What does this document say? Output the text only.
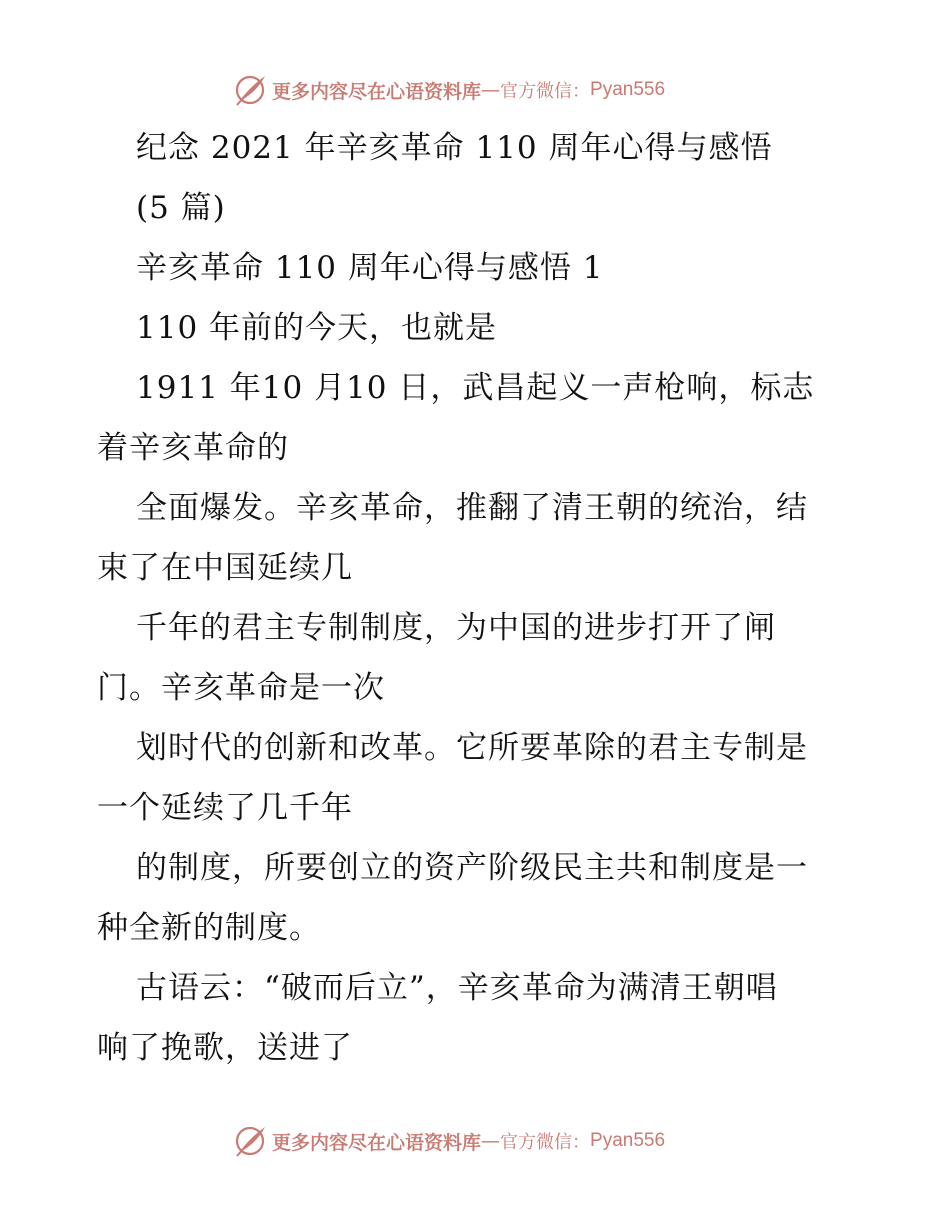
更多内容尽在心语资料库 — 官方微信： Pyan556

纪念 2021 年辛亥革命 110 周年心得与感悟

(5 篇)

辛亥革命 110 周年心得与感悟 1

110 年前的今天，也就是

1911 年10 月10 日，武昌起义一声枪响，标志
着辛亥革命的

全面爆发。辛亥革命，推翻了清王朝的统治，结
束了在中国延续几

千年的君主专制制度，为中国的进步打开了闸
门。辛亥革命是一次

划时代的创新和改革。它所要革除的君主专制是
一个延续了几千年

的制度，所要创立的资产阶级民主共和制度是一
种全新的制度。

古语云：“破而后立”，辛亥革命为满清王朝唱
响了挽歌，送进了

更多内容尽在心语资料库 — 官方微信： Pyan556
